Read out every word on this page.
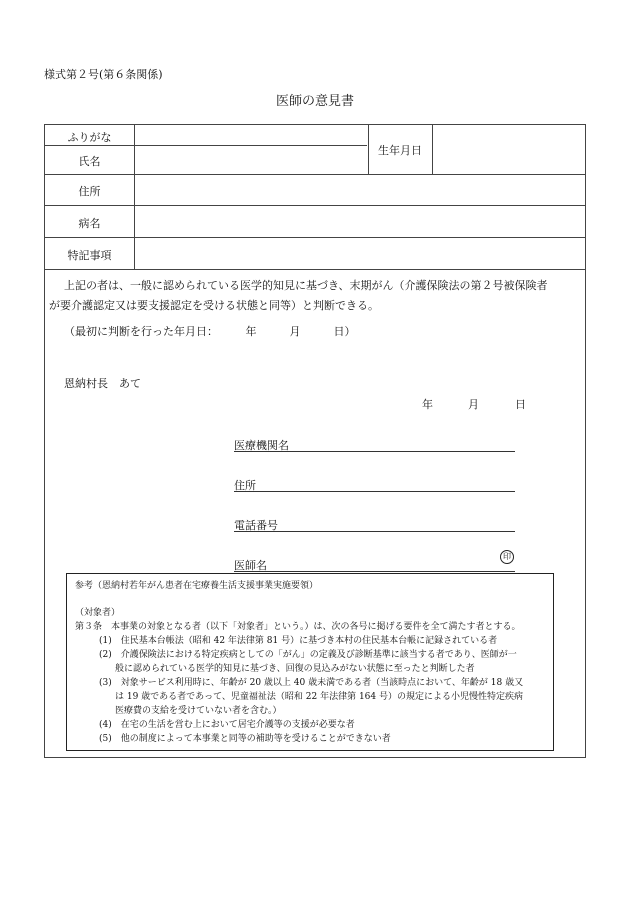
様式第２号(第６条関係)
医師の意見書
ふりがな
氏名
生年月日
住所
病名
特記事項
上記の者は、一般に認められている医学的知見に基づき、末期がん（介護保険法の第２号被保険者
が要介護認定又は要支援認定を受ける状態と同等）と判断できる。
（最初に判断を行った年月日：　　　年　　　月　　　日）
恩納村長　あて
年	月	日
医療機関名
住所
電話番号
医師名
印
参考（恩納村若年がん患者在宅療養生活支援事業実施要領）
（対象者）
第３条　本事業の対象となる者（以下「対象者」という。）は、次の各号に掲げる要件を全て満たす者とする。
(1)　住民基本台帳法（昭和 42 年法律第 81 号）に基づき本村の住民基本台帳に記録されている者
(2)　介護保険法における特定疾病としての「がん」の定義及び診断基準に該当する者であり、医師が一
般に認められている医学的知見に基づき、回復の見込みがない状態に至ったと判断した者
(3)　対象サービス利用時に、年齢が 20 歳以上 40 歳未満である者（当該時点において、年齢が 18 歳又
は 19 歳である者であって、児童福祉法（昭和 22 年法律第 164 号）の規定による小児慢性特定疾病
医療費の支給を受けていない者を含む。）
(4)　在宅の生活を営む上において居宅介護等の支援が必要な者
(5)　他の制度によって本事業と同等の補助等を受けることができない者
